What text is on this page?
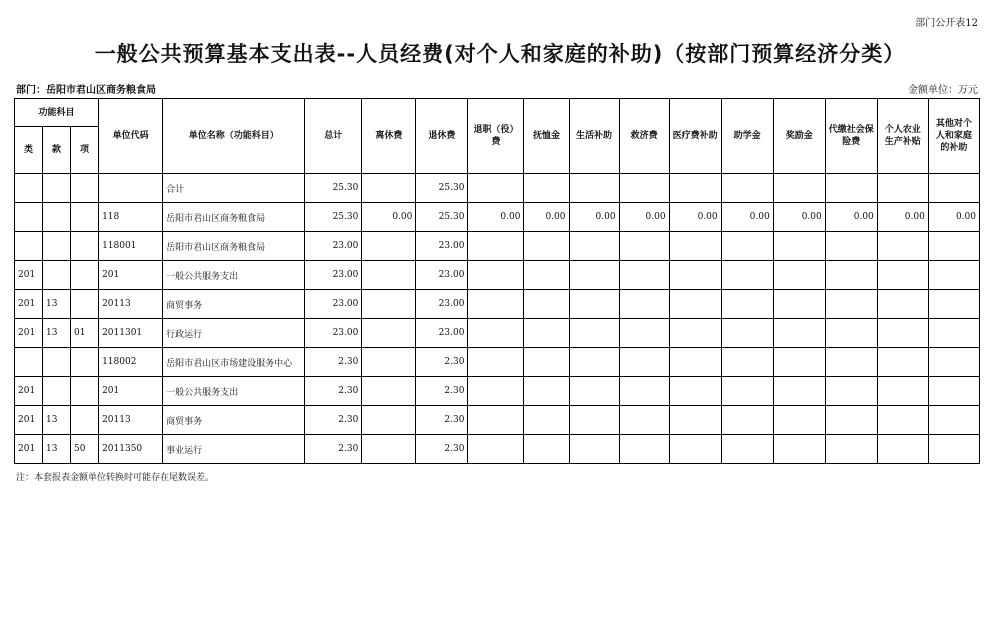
部门公开表12
一般公共预算基本支出表--人员经费(对个人和家庭的补助)（按部门预算经济分类）
部门：岳阳市君山区商务粮食局	金额单位：万元
功能科目			单位代码	单位名称（功能科目）	总计	离休费	退休费	退职（役）费	抚恤金	生活补助	救济费	医疗费补助	助学金	奖励金	代缴社会保险费	个人农业生产补贴	其他对个人和家庭的补助
类	款	项															
				合计	25.30		25.30										
			118	岳阳市君山区商务粮食局	25.30	0.00	25.30	0.00	0.00	0.00	0.00	0.00	0.00	0.00	0.00	0.00	0.00
			118001	岳阳市君山区商务粮食局	23.00		23.00										
201			201	一般公共服务支出	23.00		23.00										
201	13		20113	商贸事务	23.00		23.00										
201	13	01	2011301	行政运行	23.00		23.00										
			118002	岳阳市君山区市场建设服务中心	2.30		2.30										
201			201	一般公共服务支出	2.30		2.30										
201	13		20113	商贸事务	2.30		2.30										
201	13	50	2011350	事业运行	2.30		2.30										
注：本套报表金额单位转换时可能存在尾数误差。
